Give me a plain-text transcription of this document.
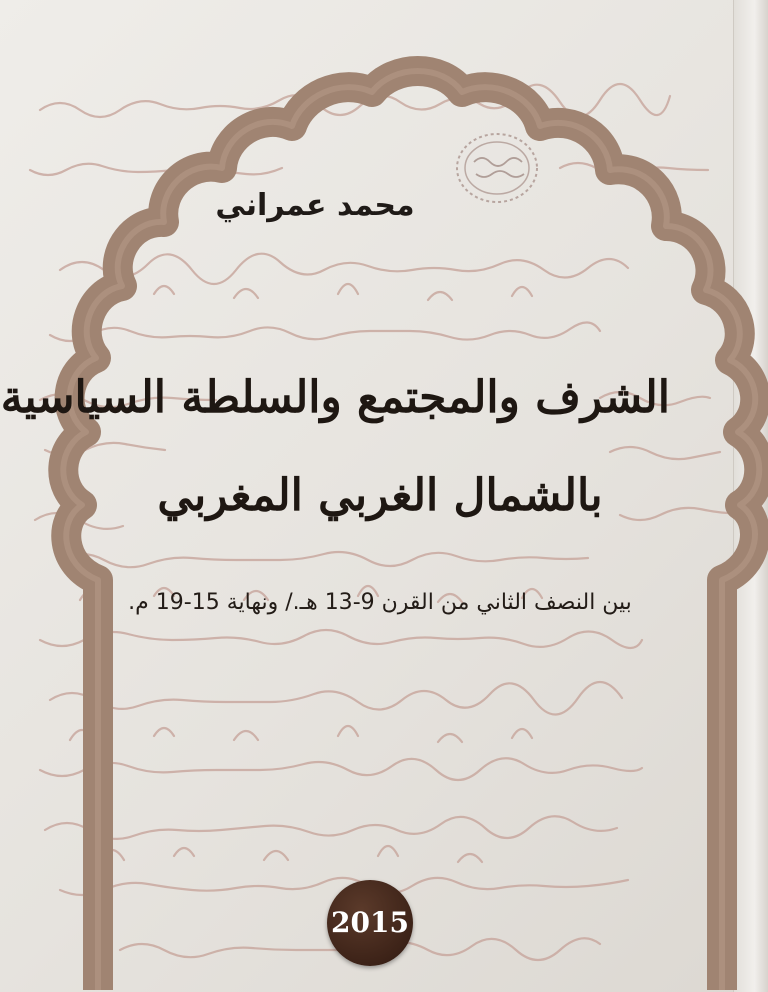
محمد عمراني
الشرف والمجتمع والسلطة السياسية
بالشمال الغربي المغربي
بين النصف الثاني من القرن 9-13 هـ./ ونهاية 15-19 م.
2015
